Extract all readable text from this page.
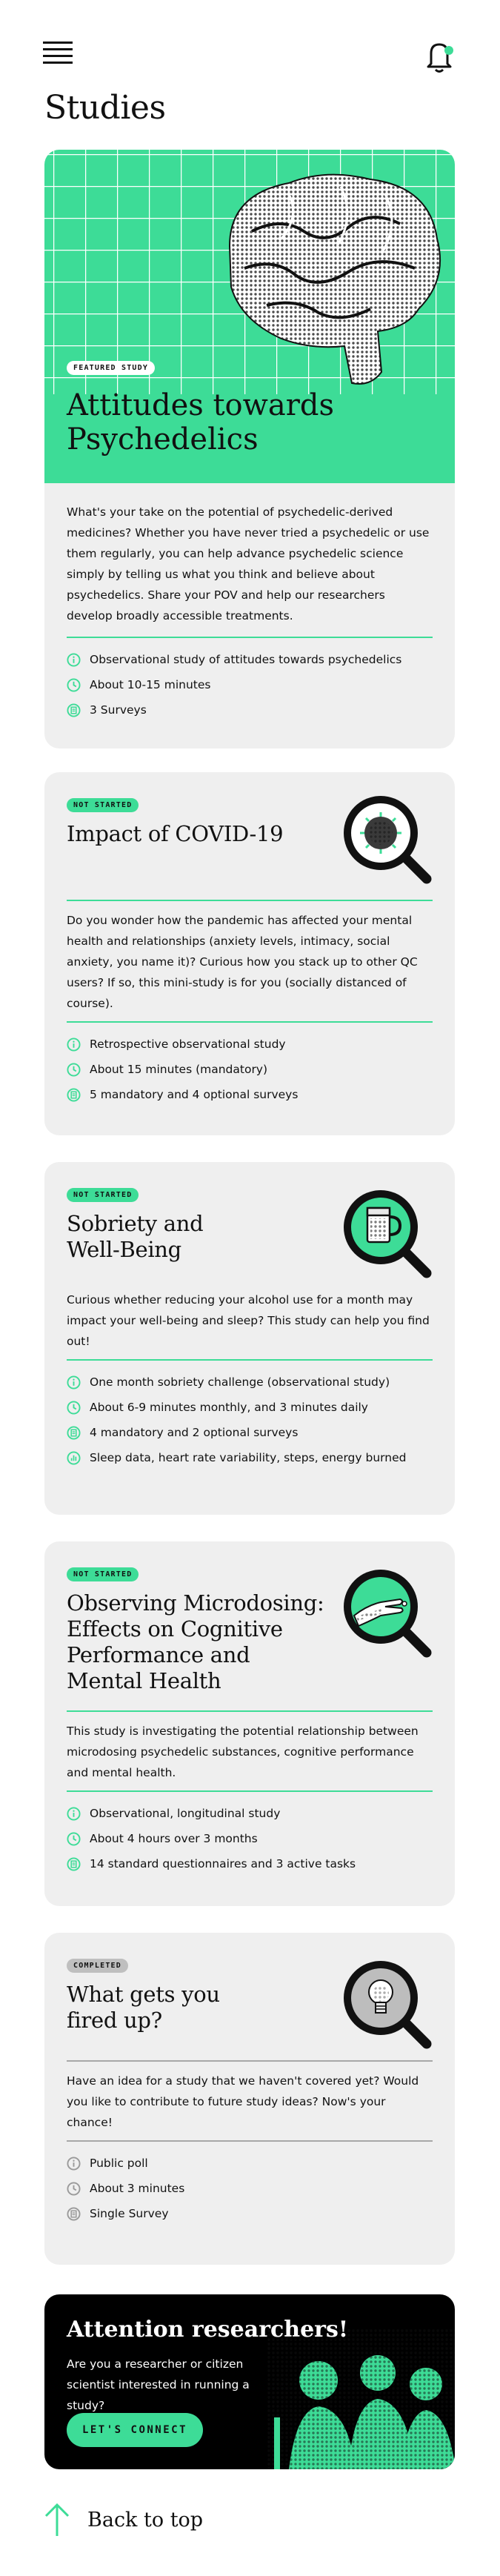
Studies
FEATURED STUDY
Attitudes towards Psychedelics

What's your take on the potential of psychedelic-derived medicines? Whether you have never tried a psychedelic or use them regularly, you can help advance psychedelic science simply by telling us what you think and believe about psychedelics. Share your POV and help our researchers develop broadly accessible treatments.

Observational study of attitudes towards psychedelics
About 10-15 minutes
3 Surveys
NOT STARTED
Impact of COVID-19

Do you wonder how the pandemic has affected your mental health and relationships (anxiety levels, intimacy, social anxiety, you name it)? Curious how you stack up to other QC users? If so, this mini-study is for you (socially distanced of course).

Retrospective observational study
About 15 minutes (mandatory)
5 mandatory and 4 optional surveys
NOT STARTED
Sobriety and Well-Being

Curious whether reducing your alcohol use for a month may impact your well-being and sleep? This study can help you find out!

One month sobriety challenge (observational study)
About 6-9 minutes monthly, and 3 minutes daily
4 mandatory and 2 optional surveys
Sleep data, heart rate variability, steps, energy burned
NOT STARTED
Observing Microdosing: Effects on Cognitive Performance and Mental Health

This study is investigating the potential relationship between microdosing psychedelic substances, cognitive performance and mental health.

Observational, longitudinal study
About 4 hours over 3 months
14 standard questionnaires and 3 active tasks
COMPLETED
What gets you fired up?

Have an idea for a study that we haven't covered yet? Would you like to contribute to future study ideas? Now's your chance!

Public poll
About 3 minutes
Single Survey
Attention researchers!

Are you a researcher or citizen scientist interested in running a study?

LET'S CONNECT
Back to top
